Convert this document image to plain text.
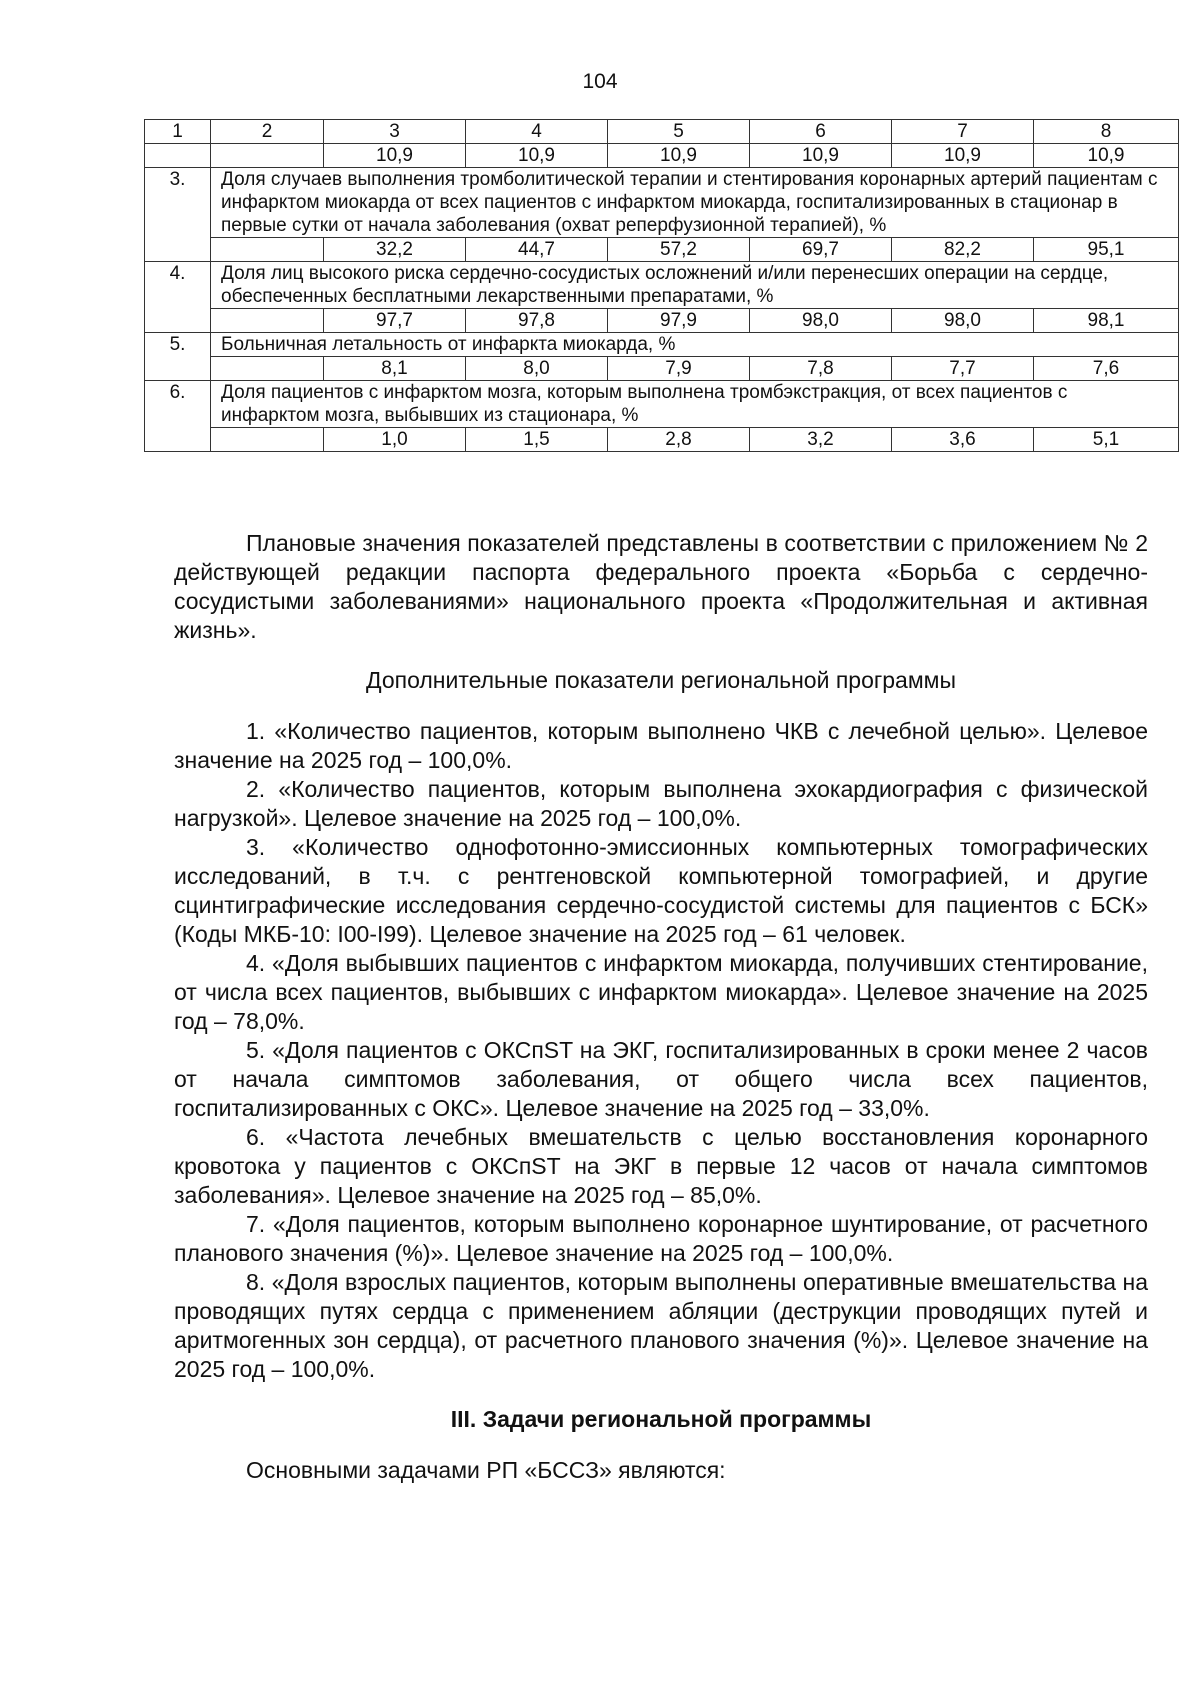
104
1	2	3	4	5	6	7	8
		10,9	10,9	10,9	10,9	10,9	10,9
3.	Доля случаев выполнения тромболитической терапии и стентирования коронарных артерий пациентам с инфарктом миокарда от всех пациентов с инфарктом миокарда, госпитализированных в стационар в первые сутки от начала заболевания (охват реперфузионной терапией), %						
		32,2	44,7	57,2	69,7	82,2	95,1
4.	Доля лиц высокого риска сердечно-сосудистых осложнений и/или перенесших операции на сердце, обеспеченных бесплатными лекарственными препаратами, %						
		97,7	97,8	97,9	98,0	98,0	98,1
5.	Больничная летальность от инфаркта миокарда, %						
		8,1	8,0	7,9	7,8	7,7	7,6
6.	Доля пациентов с инфарктом мозга, которым выполнена тромбэкстракция, от всех пациентов с инфарктом мозга, выбывших из стационара, %						
		1,0	1,5	2,8	3,2	3,6	5,1

Плановые значения показателей представлены в соответствии с приложением № 2 действующей редакции паспорта федерального проекта «Борьба с сердечно-сосудистыми заболеваниями» национального проекта «Продолжительная и активная жизнь».

Дополнительные показатели региональной программы

1. «Количество пациентов, которым выполнено ЧКВ с лечебной целью». Целевое значение на 2025 год – 100,0%.

2. «Количество пациентов, которым выполнена эхокардиография с физической нагрузкой». Целевое значение на 2025 год – 100,0%.

3. «Количество однофотонно-эмиссионных компьютерных томографических исследований, в т.ч. с рентгеновской компьютерной томографией, и другие сцинтиграфические исследования сердечно-сосудистой системы для пациентов с БСК» (Коды МКБ-10: I00-I99). Целевое значение на 2025 год – 61 человек.

4. «Доля выбывших пациентов с инфарктом миокарда, получивших стентирование, от числа всех пациентов, выбывших с инфарктом миокарда». Целевое значение на 2025 год – 78,0%.

5. «Доля пациентов с ОКСпST на ЭКГ, госпитализированных в сроки менее 2 часов от начала симптомов заболевания, от общего числа всех пациентов, госпитализированных с ОКС». Целевое значение на 2025 год – 33,0%.

6. «Частота лечебных вмешательств с целью восстановления коронарного кровотока у пациентов с ОКСпST на ЭКГ в первые 12 часов от начала симптомов заболевания». Целевое значение на 2025 год – 85,0%.

7. «Доля пациентов, которым выполнено коронарное шунтирование, от расчетного планового значения (%)». Целевое значение на 2025 год – 100,0%.

8. «Доля взрослых пациентов, которым выполнены оперативные вмешательства на проводящих путях сердца с применением абляции (деструкции проводящих путей и аритмогенных зон сердца), от расчетного планового значения (%)». Целевое значение на 2025 год – 100,0%.

III. Задачи региональной программы

Основными задачами РП «БССЗ» являются:
